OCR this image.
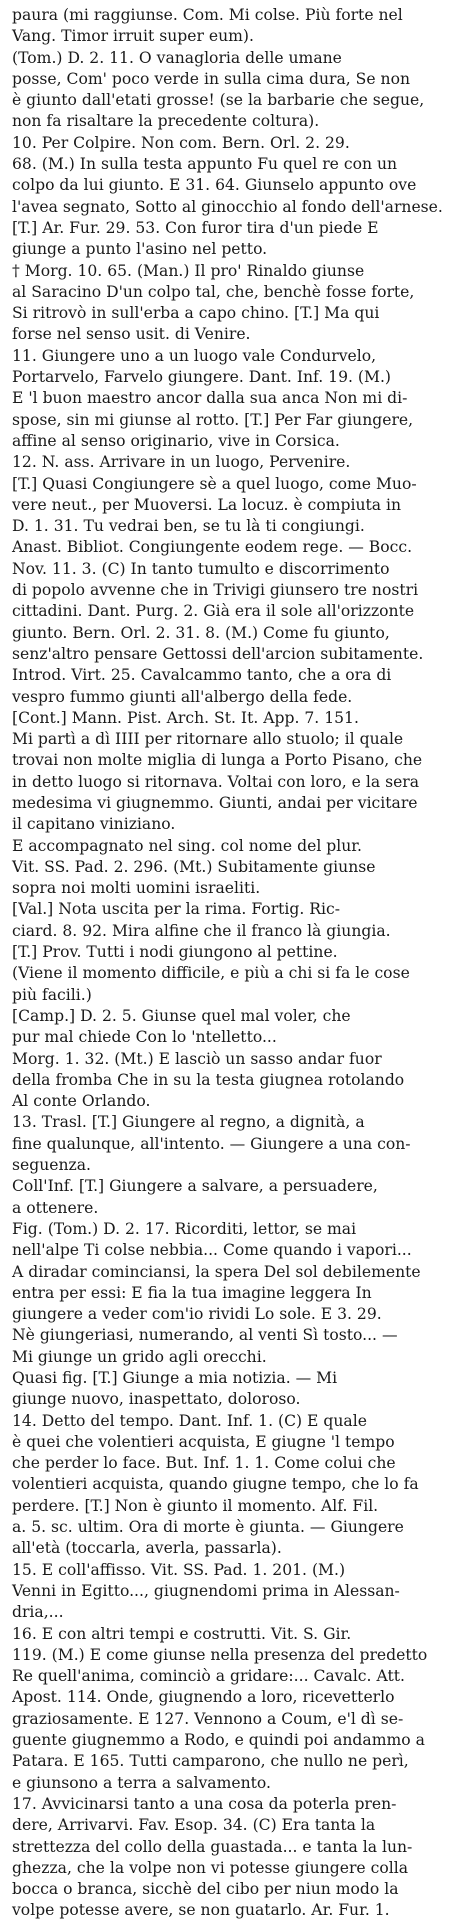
paura (mi raggiunse. Com. Mi colse. Più forte nel
Vang. Timor irruit super eum).
(Tom.) D. 2. 11. O vanagloria delle umane
posse, Com' poco verde in sulla cima dura, Se non
è giunto dall'etati grosse! (se la barbarie che segue,
non fa risaltare la precedente coltura).
10. Per Colpire. Non com. Bern. Orl. 2. 29.
68. (M.) In sulla testa appunto Fu quel re con un
colpo da lui giunto. E 31. 64. Giunselo appunto ove
l'avea segnato, Sotto al ginocchio al fondo dell'arnese.
[T.] Ar. Fur. 29. 53. Con furor tira d'un piede E
giunge a punto l'asino nel petto.
† Morg. 10. 65. (Man.) Il pro' Rinaldo giunse
al Saracino D'un colpo tal, che, benchè fosse forte,
Si ritrovò in sull'erba a capo chino. [T.] Ma qui
forse nel senso usit. di Venire.
11. Giungere uno a un luogo vale Condurvelo,
Portarvelo, Farvelo giungere. Dant. Inf. 19. (M.)
E 'l buon maestro ancor dalla sua anca Non mi di-
spose, sin mi giunse al rotto. [T.] Per Far giungere,
affine al senso originario, vive in Corsica.
12. N. ass. Arrivare in un luogo, Pervenire.
[T.] Quasi Congiungere sè a quel luogo, come Muo-
vere neut., per Muoversi. La locuz. è compiuta in
D. 1. 31. Tu vedrai ben, se tu là ti congiungi.
Anast. Bibliot. Congiungente eodem rege. — Bocc.
Nov. 11. 3. (C) In tanto tumulto e discorrimento
di popolo avvenne che in Trivigi giunsero tre nostri
cittadini. Dant. Purg. 2. Già era il sole all'orizzonte
giunto. Bern. Orl. 2. 31. 8. (M.) Come fu giunto,
senz'altro pensare Gettossi dell'arcion subitamente.
Introd. Virt. 25. Cavalcammo tanto, che a ora di
vespro fummo giunti all'albergo della fede.
[Cont.] Mann. Pist. Arch. St. It. App. 7. 151.
Mi partì a dì IIII per ritornare allo stuolo; il quale
trovai non molte miglia di lunga a Porto Pisano, che
in detto luogo si ritornava. Voltai con loro, e la sera
medesima vi giugnemmo. Giunti, andai per vicitare
il capitano viniziano.
E accompagnato nel sing. col nome del plur.
Vit. SS. Pad. 2. 296. (Mt.) Subitamente giunse
sopra noi molti uomini israeliti.
[Val.] Nota uscita per la rima. Fortig. Ric-
ciard. 8. 92. Mira alfine che il franco là giungia.
[T.] Prov. Tutti i nodi giungono al pettine.
(Viene il momento difficile, e più a chi si fa le cose
più facili.)
[Camp.] D. 2. 5. Giunse quel mal voler, che
pur mal chiede Con lo 'ntelletto...
Morg. 1. 32. (Mt.) E lasciò un sasso andar fuor
della fromba Che in su la testa giugnea rotolando
Al conte Orlando.
13. Trasl. [T.] Giungere al regno, a dignità, a
fine qualunque, all'intento. — Giungere a una con-
seguenza.
Coll'Inf. [T.] Giungere a salvare, a persuadere,
a ottenere.
Fig. (Tom.) D. 2. 17. Ricorditi, lettor, se mai
nell'alpe Ti colse nebbia... Come quando i vapori...
A diradar cominciansi, la spera Del sol debilemente
entra per essi: E fia la tua imagine leggera In
giungere a veder com'io rividi Lo sole. E 3. 29.
Nè giungeriasi, numerando, al venti Sì tosto... —
Mi giunge un grido agli orecchi.
Quasi fig. [T.] Giunge a mia notizia. — Mi
giunge nuovo, inaspettato, doloroso.
14. Detto del tempo. Dant. Inf. 1. (C) E quale
è quei che volentieri acquista, E giugne 'l tempo
che perder lo face. But. Inf. 1. 1. Come colui che
volentieri acquista, quando giugne tempo, che lo fa
perdere. [T.] Non è giunto il momento. Alf. Fil.
a. 5. sc. ultim. Ora di morte è giunta. — Giungere
all'età (toccarla, averla, passarla).
15. E coll'affisso. Vit. SS. Pad. 1. 201. (M.)
Venni in Egitto..., giugnendomi prima in Alessan-
dria,...
16. E con altri tempi e costrutti. Vit. S. Gir.
119. (M.) E come giunse nella presenza del predetto
Re quell'anima, cominciò a gridare:... Cavalc. Att.
Apost. 114. Onde, giugnendo a loro, ricevetterlo
graziosamente. E 127. Vennono a Coum, e'l dì se-
guente giugnemmo a Rodo, e quindi poi andammo a
Patara. E 165. Tutti camparono, che nullo ne perì,
e giunsono a terra a salvamento.
17. Avvicinarsi tanto a una cosa da poterla pren-
dere, Arrivarvi. Fav. Esop. 34. (C) Era tanta la
strettezza del collo della guastada... e tanta la lun-
ghezza, che la volpe non vi potesse giungere colla
bocca o branca, sicchè del cibo per niun modo la
volpe potesse avere, se non guatarlo. Ar. Fur. 1.
